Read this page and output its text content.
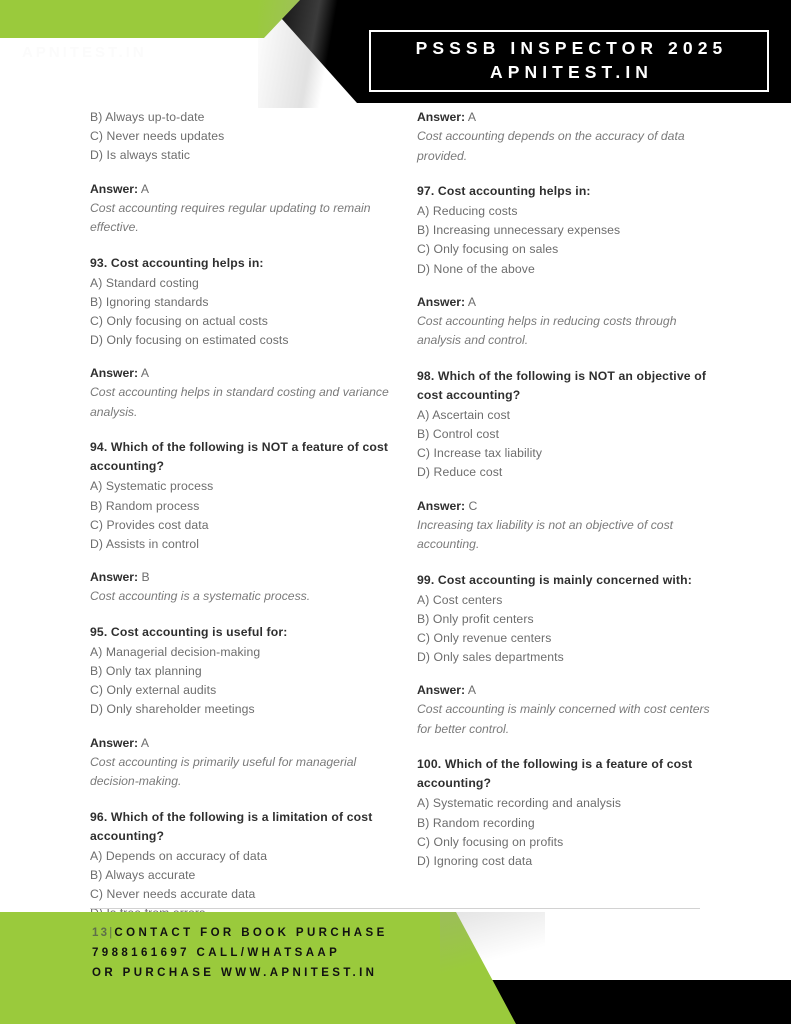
APNITEST.IN	PSSSB INSPECTOR 2025
APNITEST.IN

B) Always up-to-date

C) Never needs updates

D) Is always static

Answer: A

Cost accounting requires regular updating to remain effective.

93. Cost accounting helps in:

A) Standard costing

B) Ignoring standards

C) Only focusing on actual costs

D) Only focusing on estimated costs

Answer: A

Cost accounting helps in standard costing and variance analysis.

94. Which of the following is NOT a feature of cost accounting?

A) Systematic process

B) Random process

C) Provides cost data

D) Assists in control

Answer: B

Cost accounting is a systematic process.

95. Cost accounting is useful for:

A) Managerial decision-making

B) Only tax planning

C) Only external audits

D) Only shareholder meetings

Answer: A

Cost accounting is primarily useful for managerial decision-making.

96. Which of the following is a limitation of cost accounting?

A) Depends on accuracy of data

B) Always accurate

C) Never needs accurate data

Answer: A

Cost accounting depends on the accuracy of data provided.

97. Cost accounting helps in:

A) Reducing costs

B) Increasing unnecessary expenses

C) Only focusing on sales

D) None of the above

Answer: A

Cost accounting helps in reducing costs through analysis and control.

98. Which of the following is NOT an objective of cost accounting?

A) Ascertain cost

B) Control cost

C) Increase tax liability

D) Reduce cost

Answer: C

Increasing tax liability is not an objective of cost accounting.

99. Cost accounting is mainly concerned with:

A) Cost centers

B) Only profit centers

C) Only revenue centers

D) Only sales departments

Answer: A

Cost accounting is mainly concerned with cost centers for better control.

100. Which of the following is a feature of cost accounting?

A) Systematic recording and analysis

B) Random recording

C) Only focusing on profits

D) Ignoring cost data

13|CONTACT FOR BOOK PURCHASE
7988161697 CALL/WHATSAAP
OR PURCHASE WWW.APNITEST.IN
